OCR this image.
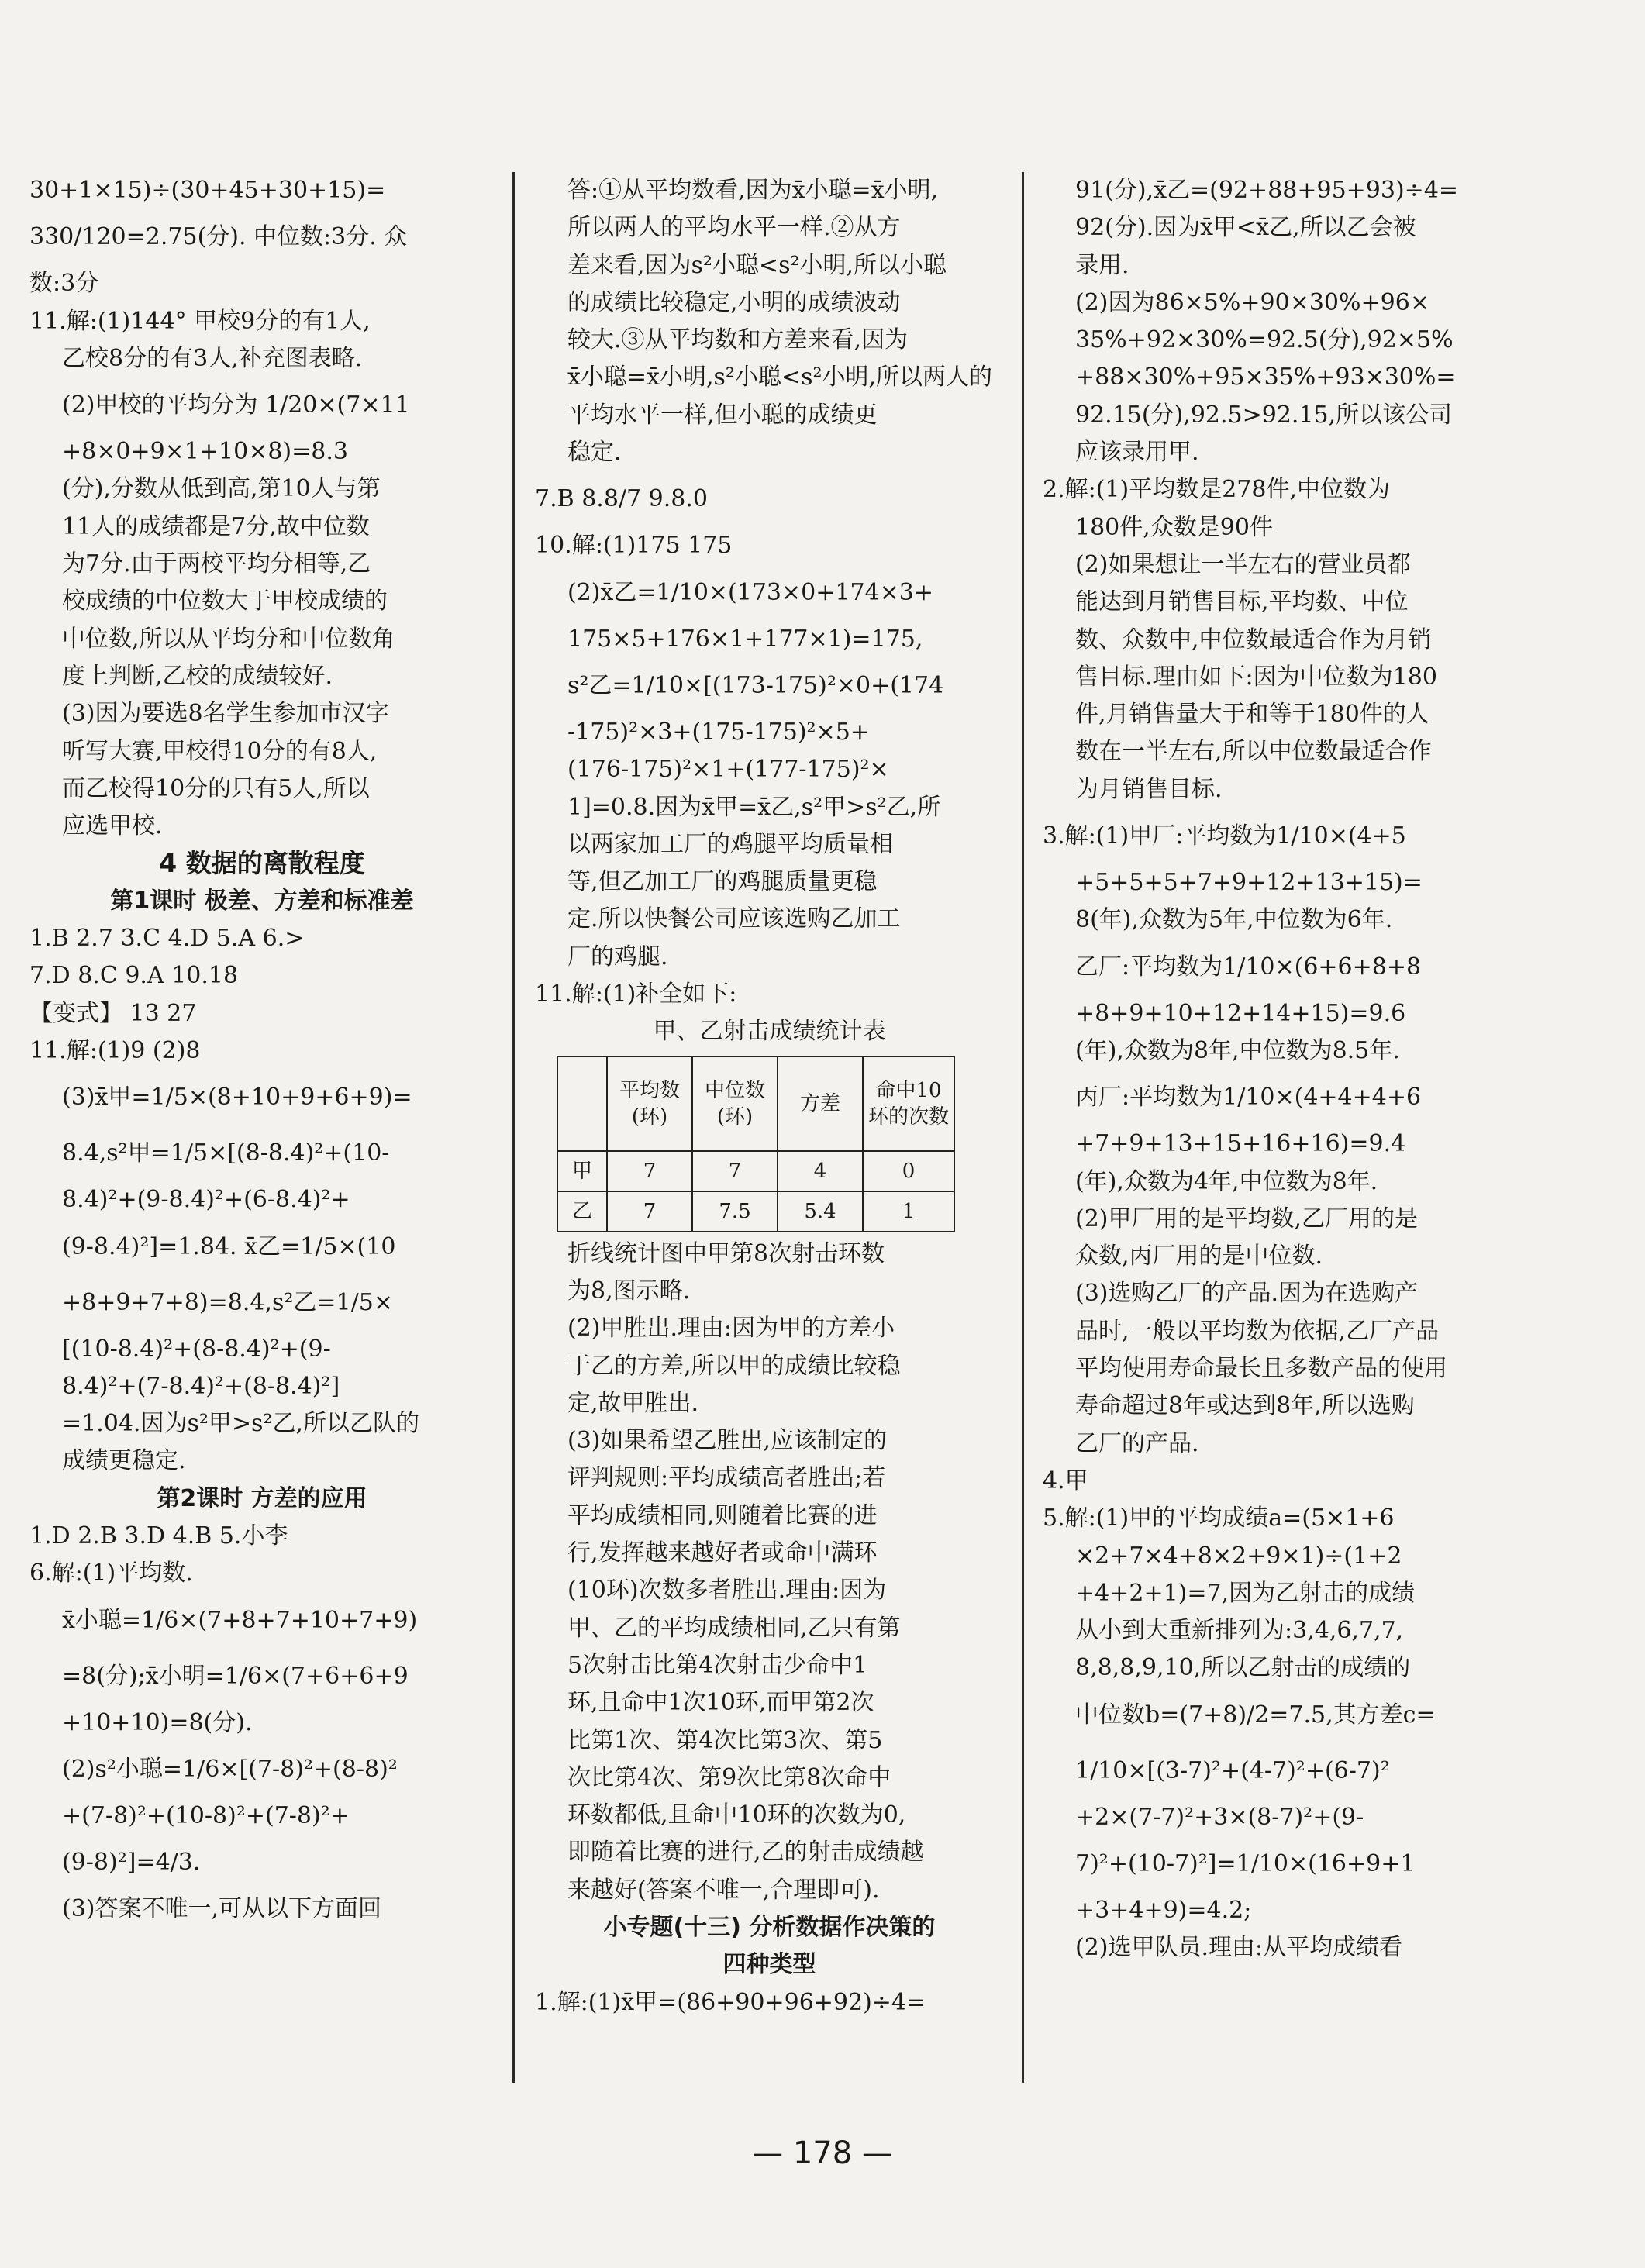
30+1×15)÷(30+45+30+15)=
330/120=2.75(分). 中位数:3分. 众
数:3分
11.解:(1)144° 甲校9分的有1人,
乙校8分的有3人,补充图表略.
(2)甲校的平均分为 1/20×(7×11
+8×0+9×1+10×8)=8.3
(分),分数从低到高,第10人与第
11人的成绩都是7分,故中位数
为7分.由于两校平均分相等,乙
校成绩的中位数大于甲校成绩的
中位数,所以从平均分和中位数角
度上判断,乙校的成绩较好.
(3)因为要选8名学生参加市汉字
听写大赛,甲校得10分的有8人,
而乙校得10分的只有5人,所以
应选甲校.
4 数据的离散程度
第1课时 极差、方差和标准差
1.B 2.7 3.C 4.D 5.A 6.>
7.D 8.C 9.A 10.18
【变式】 13 27
11.解:(1)9 (2)8
(3)x̄甲=1/5×(8+10+9+6+9)=
8.4,s²甲=1/5×[(8-8.4)²+(10-
8.4)²+(9-8.4)²+(6-8.4)²+
(9-8.4)²]=1.84. x̄乙=1/5×(10
+8+9+7+8)=8.4,s²乙=1/5×
[(10-8.4)²+(8-8.4)²+(9-
8.4)²+(7-8.4)²+(8-8.4)²]
=1.04.因为s²甲>s²乙,所以乙队的
成绩更稳定.
第2课时 方差的应用
1.D 2.B 3.D 4.B 5.小李
6.解:(1)平均数.
x̄小聪=1/6×(7+8+7+10+7+9)
=8(分);x̄小明=1/6×(7+6+6+9
+10+10)=8(分).
(2)s²小聪=1/6×[(7-8)²+(8-8)²
+(7-8)²+(10-8)²+(7-8)²+
(9-8)²]=4/3.
(3)答案不唯一,可从以下方面回
答:①从平均数看,因为x̄小聪=x̄小明,
所以两人的平均水平一样.②从方
差来看,因为s²小聪<s²小明,所以小聪
的成绩比较稳定,小明的成绩波动
较大.③从平均数和方差来看,因为
x̄小聪=x̄小明,s²小聪<s²小明,所以两人的
平均水平一样,但小聪的成绩更
稳定.
7.B 8.8/7 9.8.0
10.解:(1)175 175
(2)x̄乙=1/10×(173×0+174×3+
175×5+176×1+177×1)=175,
s²乙=1/10×[(173-175)²×0+(174
-175)²×3+(175-175)²×5+
(176-175)²×1+(177-175)²×
1]=0.8.因为x̄甲=x̄乙,s²甲>s²乙,所
以两家加工厂的鸡腿平均质量相
等,但乙加工厂的鸡腿质量更稳
定.所以快餐公司应该选购乙加工
厂的鸡腿.
11.解:(1)补全如下:
甲、乙射击成绩统计表
	平均数(环)	中位数(环)	方差	命中10环的次数
甲	7	7	4	0
乙	7	7.5	5.4	1
折线统计图中甲第8次射击环数
为8,图示略.
(2)甲胜出.理由:因为甲的方差小
于乙的方差,所以甲的成绩比较稳
定,故甲胜出.
(3)如果希望乙胜出,应该制定的
评判规则:平均成绩高者胜出;若
平均成绩相同,则随着比赛的进
行,发挥越来越好者或命中满环
(10环)次数多者胜出.理由:因为
甲、乙的平均成绩相同,乙只有第
5次射击比第4次射击少命中1
环,且命中1次10环,而甲第2次
比第1次、第4次比第3次、第5
次比第4次、第9次比第8次命中
环数都低,且命中10环的次数为0,
即随着比赛的进行,乙的射击成绩越
来越好(答案不唯一,合理即可).
小专题(十三) 分析数据作决策的
四种类型
1.解:(1)x̄甲=(86+90+96+92)÷4=
91(分),x̄乙=(92+88+95+93)÷4=
92(分).因为x̄甲<x̄乙,所以乙会被
录用.
(2)因为86×5%+90×30%+96×
35%+92×30%=92.5(分),92×5%
+88×30%+95×35%+93×30%=
92.15(分),92.5>92.15,所以该公司
应该录用甲.
2.解:(1)平均数是278件,中位数为
180件,众数是90件
(2)如果想让一半左右的营业员都
能达到月销售目标,平均数、中位
数、众数中,中位数最适合作为月销
售目标.理由如下:因为中位数为180
件,月销售量大于和等于180件的人
数在一半左右,所以中位数最适合作
为月销售目标.
3.解:(1)甲厂:平均数为1/10×(4+5
+5+5+5+7+9+12+13+15)=
8(年),众数为5年,中位数为6年.
乙厂:平均数为1/10×(6+6+8+8
+8+9+10+12+14+15)=9.6
(年),众数为8年,中位数为8.5年.
丙厂:平均数为1/10×(4+4+4+6
+7+9+13+15+16+16)=9.4
(年),众数为4年,中位数为8年.
(2)甲厂用的是平均数,乙厂用的是
众数,丙厂用的是中位数.
(3)选购乙厂的产品.因为在选购产
品时,一般以平均数为依据,乙厂产品
平均使用寿命最长且多数产品的使用
寿命超过8年或达到8年,所以选购
乙厂的产品.
4.甲
5.解:(1)甲的平均成绩a=(5×1+6
×2+7×4+8×2+9×1)÷(1+2
+4+2+1)=7,因为乙射击的成绩
从小到大重新排列为:3,4,6,7,7,
8,8,8,9,10,所以乙射击的成绩的
中位数b=(7+8)/2=7.5,其方差c=
1/10×[(3-7)²+(4-7)²+(6-7)²
+2×(7-7)²+3×(8-7)²+(9-
7)²+(10-7)²]=1/10×(16+9+1
+3+4+9)=4.2;
(2)选甲队员.理由:从平均成绩看
— 178 —
